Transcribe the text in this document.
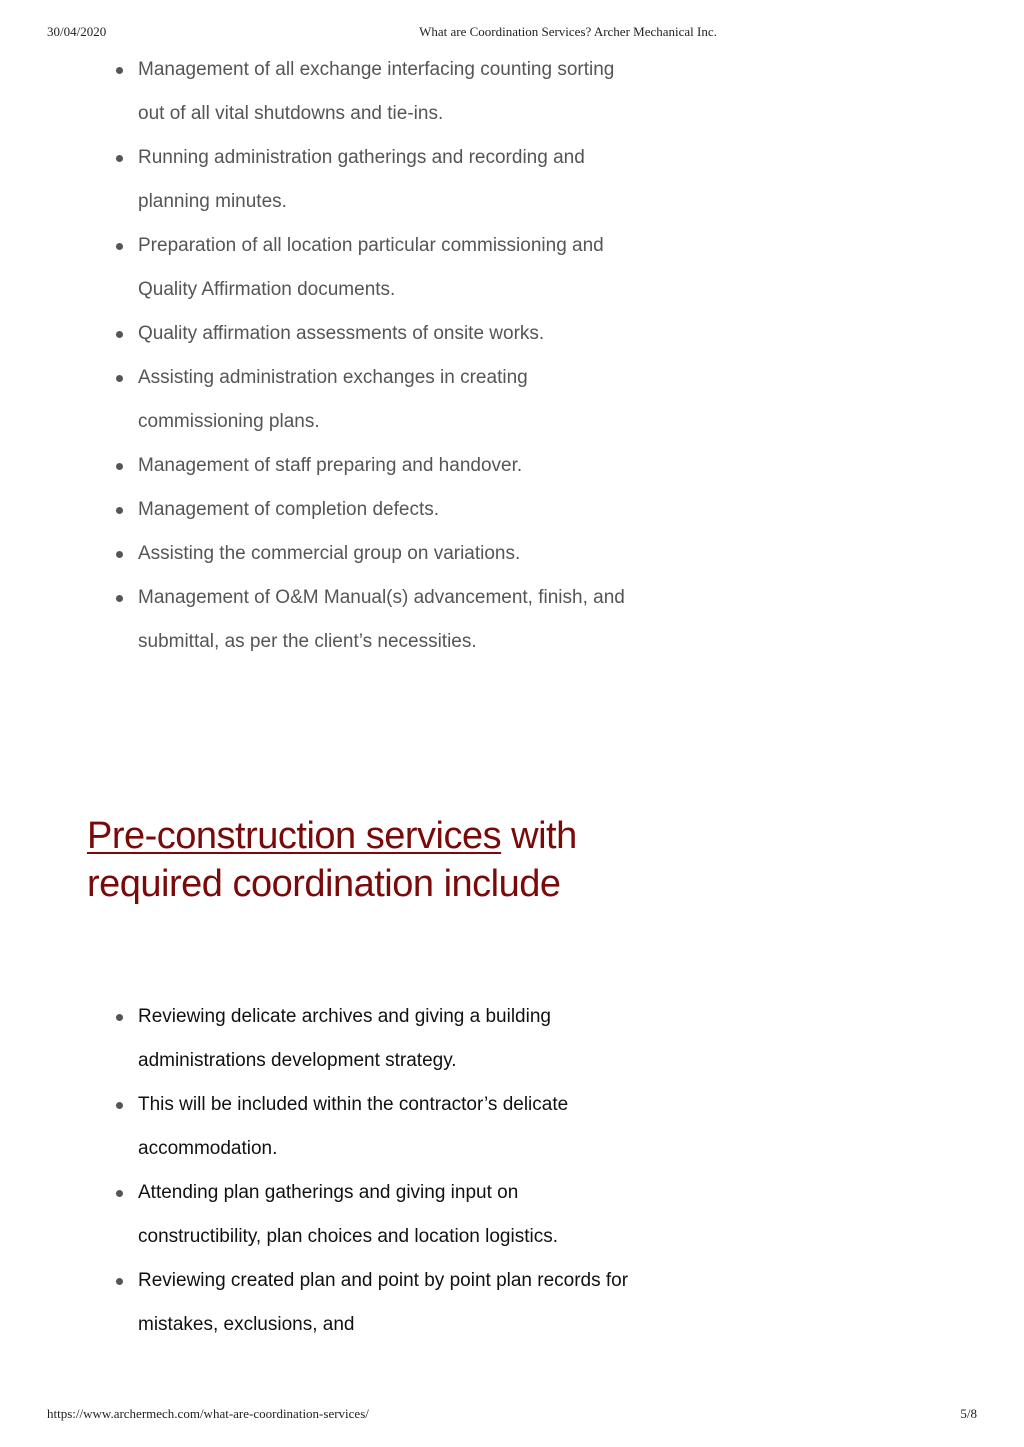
30/04/2020	What are Coordination Services? Archer Mechanical Inc.
Management of all exchange interfacing counting sorting out of all vital shutdowns and tie-ins.
Running administration gatherings and recording and planning minutes.
Preparation of all location particular commissioning and Quality Affirmation documents.
Quality affirmation assessments of onsite works.
Assisting administration exchanges in creating commissioning plans.
Management of staff preparing and handover.
Management of completion defects.
Assisting the commercial group on variations.
Management of O&M Manual(s) advancement, finish, and submittal, as per the client’s necessities.
Pre-construction services with required coordination include
Reviewing delicate archives and giving a building administrations development strategy.
This will be included within the contractor’s delicate accommodation.
Attending plan gatherings and giving input on constructibility, plan choices and location logistics.
Reviewing created plan and point by point plan records for mistakes, exclusions, and
https://www.archermech.com/what-are-coordination-services/	5/8
